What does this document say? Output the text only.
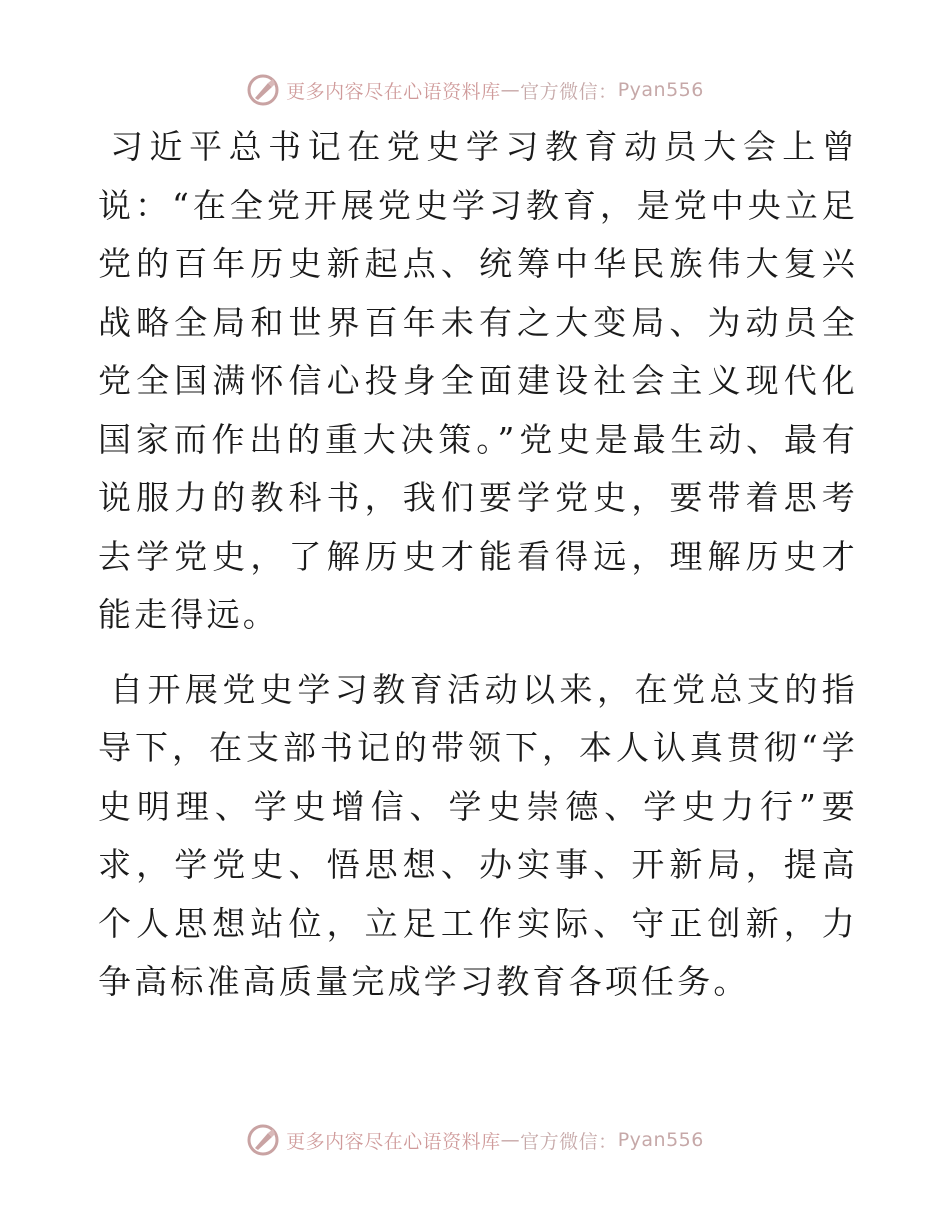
更多内容尽在心语资料库 — 官方微信： Pyan556

习近平总书记在党史学习教育动员大会上曾说：“在全党开展党史学习教育，是党中央立足党的百年历史新起点、统筹中华民族伟大复兴战略全局和世界百年未有之大变局、为动员全党全国满怀信心投身全面建设社会主义现代化国家而作出的重大决策。”党史是最生动、最有说服力的教科书，我们要学党史，要带着思考去学党史，了解历史才能看得远，理解历史才能走得远。

自开展党史学习教育活动以来，在党总支的指导下，在支部书记的带领下，本人认真贯彻“学史明理、学史增信、学史崇德、学史力行”要求，学党史、悟思想、办实事、开新局，提高个人思想站位，立足工作实际、守正创新，力争高标准高质量完成学习教育各项任务。

更多内容尽在心语资料库 — 官方微信： Pyan556
